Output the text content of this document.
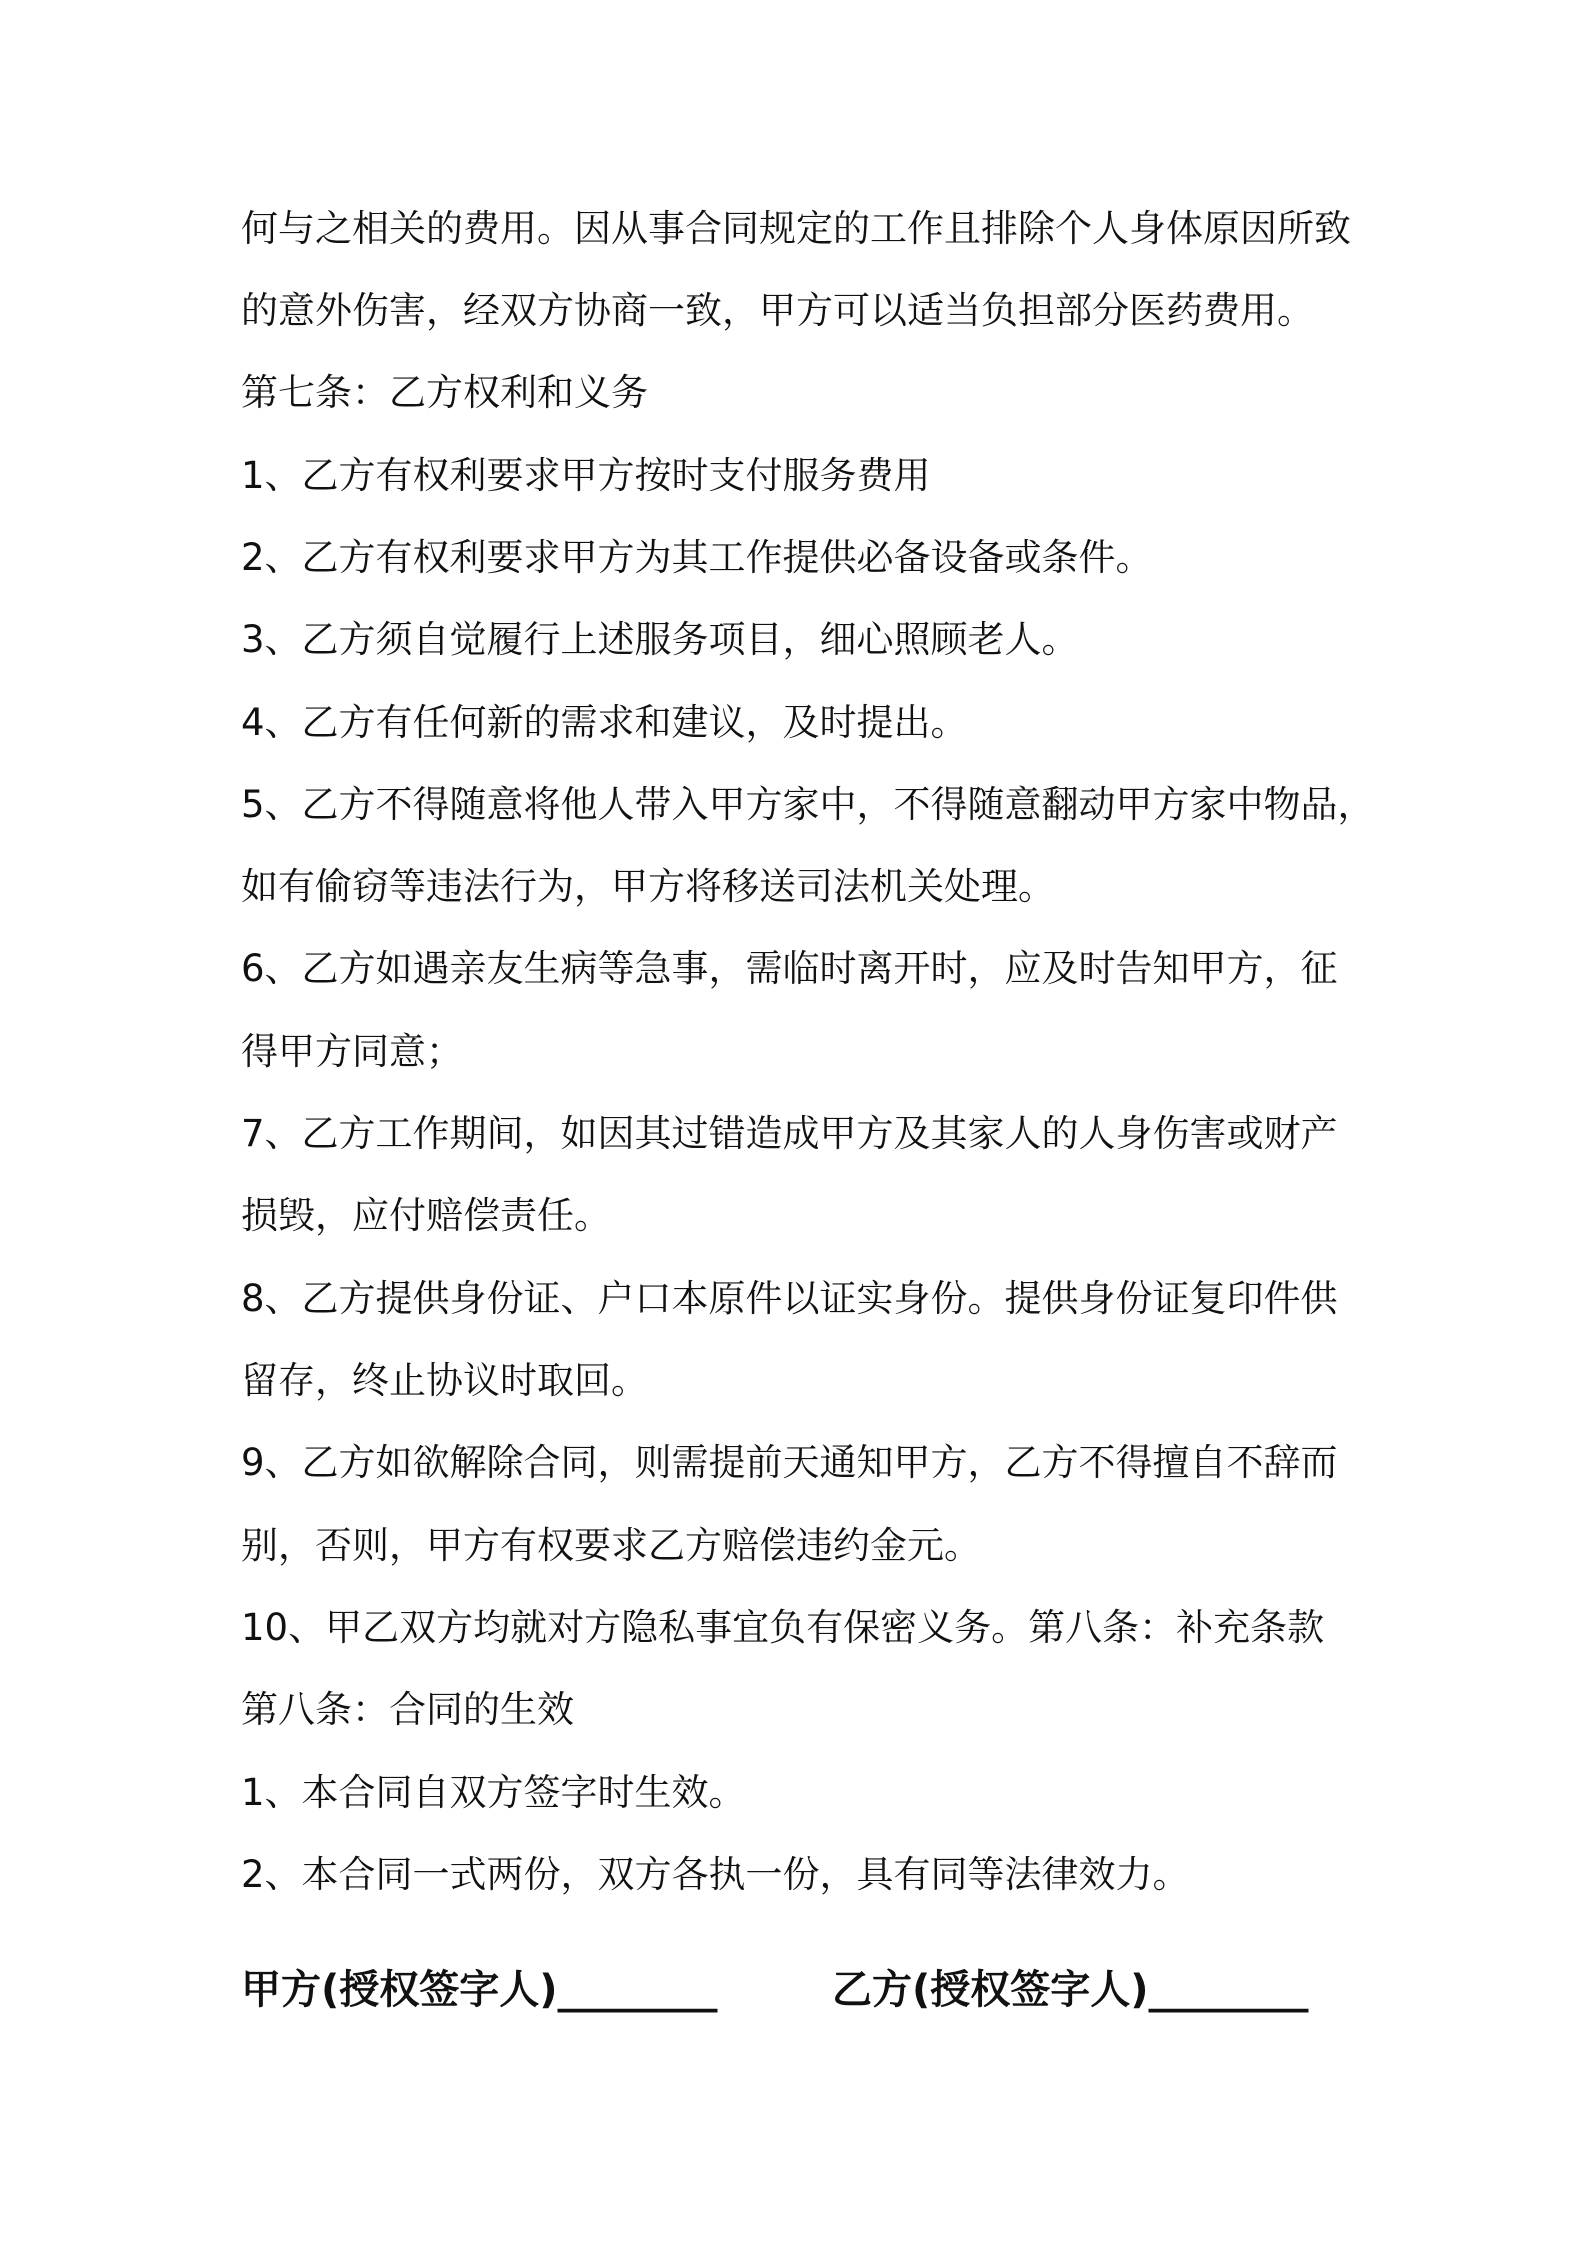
何与之相关的费用。因从事合同规定的工作且排除个人身体原因所致
的意外伤害，经双方协商一致，甲方可以适当负担部分医药费用。
第七条：乙方权利和义务
1、乙方有权利要求甲方按时支付服务费用
2、乙方有权利要求甲方为其工作提供必备设备或条件。
3、乙方须自觉履行上述服务项目，细心照顾老人。
4、乙方有任何新的需求和建议，及时提出。
5、乙方不得随意将他人带入甲方家中，不得随意翻动甲方家中物品，
如有偷窃等违法行为，甲方将移送司法机关处理。
6、乙方如遇亲友生病等急事，需临时离开时，应及时告知甲方，征
得甲方同意；
7、乙方工作期间，如因其过错造成甲方及其家人的人身伤害或财产
损毁，应付赔偿责任。
8、乙方提供身份证、户口本原件以证实身份。提供身份证复印件供
留存，终止协议时取回。
9、乙方如欲解除合同，则需提前天通知甲方，乙方不得擅自不辞而
别，否则，甲方有权要求乙方赔偿违约金元。
10、甲乙双方均就对方隐私事宜负有保密义务。第八条：补充条款
第八条：合同的生效
1、本合同自双方签字时生效。
2、本合同一式两份，双方各执一份，具有同等法律效力。
甲方(授权签字人)________	乙方(授权签字人)________
